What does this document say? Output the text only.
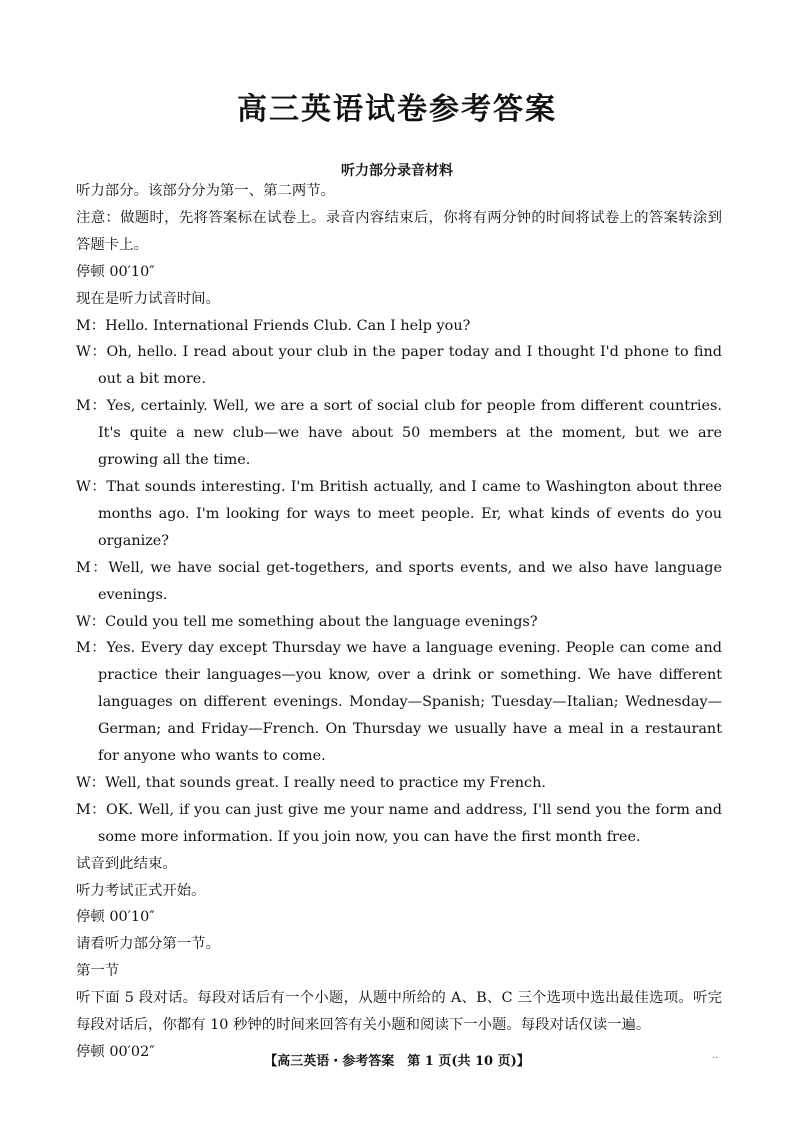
高三英语试卷参考答案
听力部分录音材料

听力部分。该部分分为第一、第二两节。

注意：做题时，先将答案标在试卷上。录音内容结束后，你将有两分钟的时间将试卷上的答案转涂到答题卡上。

停顿 00′10″

现在是听力试音时间。

M：Hello. International Friends Club. Can I help you?

W：Oh, hello. I read about your club in the paper today and I thought I'd phone to find out a bit more.

M：Yes, certainly. Well, we are a sort of social club for people from different countries. It's quite a new club—we have about 50 members at the moment, but we are growing all the time.

W：That sounds interesting. I'm British actually, and I came to Washington about three months ago. I'm looking for ways to meet people. Er, what kinds of events do you organize?

M：Well, we have social get-togethers, and sports events, and we also have language evenings.

W：Could you tell me something about the language evenings?

M：Yes. Every day except Thursday we have a language evening. People can come and practice their languages—you know, over a drink or something. We have different languages on different evenings. Monday—Spanish; Tuesday—Italian; Wednesday—German; and Friday—French. On Thursday we usually have a meal in a restaurant for anyone who wants to come.

W：Well, that sounds great. I really need to practice my French.

M：OK. Well, if you can just give me your name and address, I'll send you the form and some more information. If you join now, you can have the first month free.

试音到此结束。

听力考试正式开始。

停顿 00′10″

请看听力部分第一节。

第一节

听下面 5 段对话。每段对话后有一个小题，从题中所给的 A、B、C 三个选项中选出最佳选项。听完每段对话后，你都有 10 秒钟的时间来回答有关小题和阅读下一小题。每段对话仅读一遍。

停顿 00′02″

【高三英语・参考答案　第 1 页(共 10 页)】	..
